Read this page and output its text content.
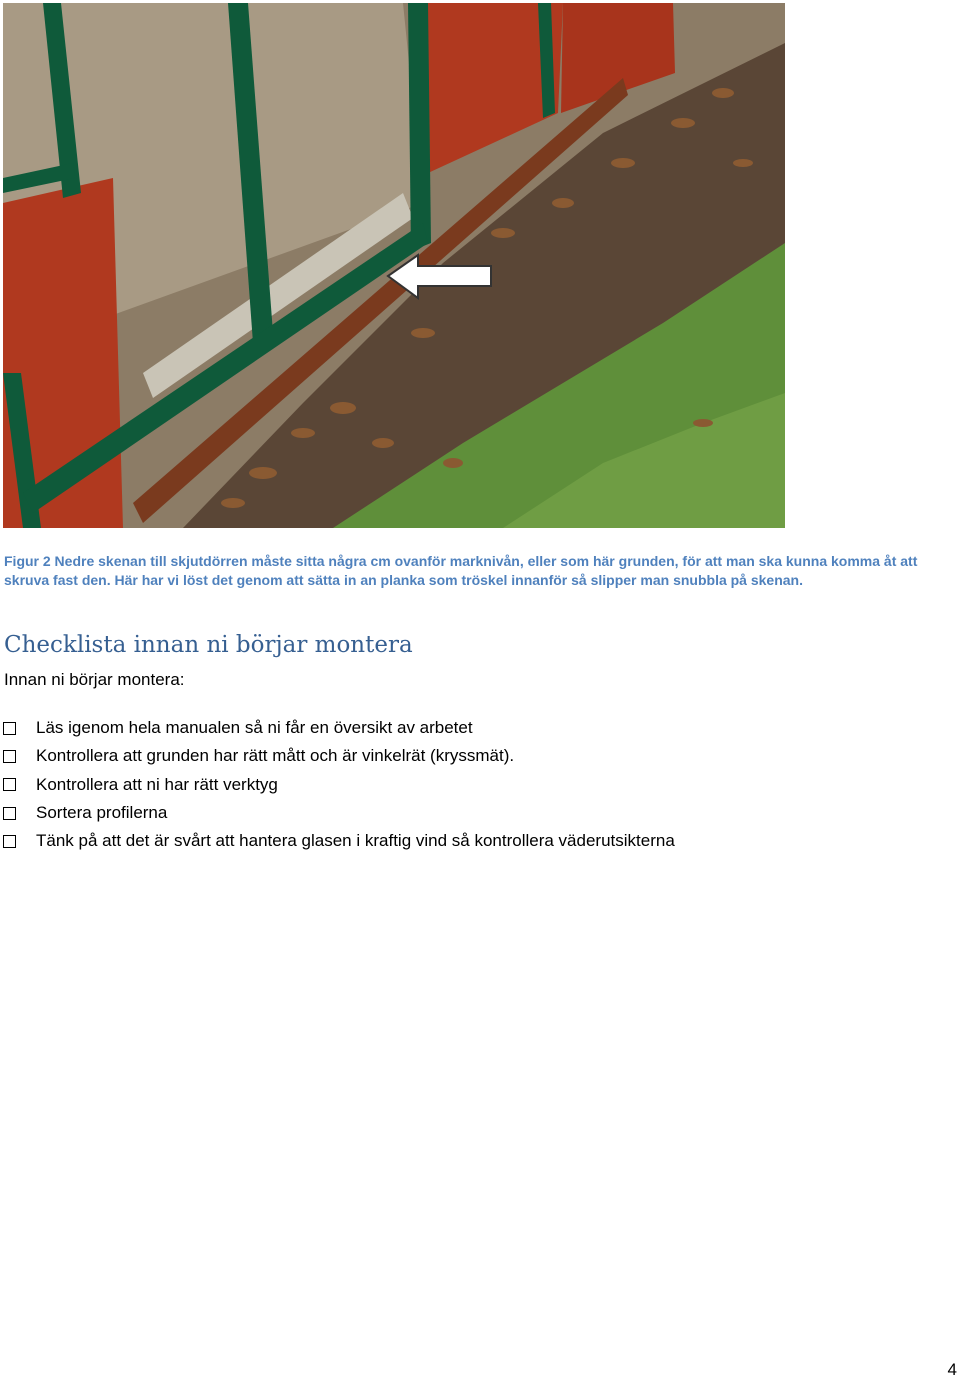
Figur 2 Nedre skenan till skjutdörren måste sitta några cm ovanför marknivån, eller som här grunden, för att man ska kunna komma åt att skruva fast den. Här har vi löst det genom att sätta in an planka som tröskel innanför så slipper man snubbla på skenan.
Checklista innan ni börjar montera
Innan ni börjar montera:
Läs igenom hela manualen så ni får en översikt av arbetet
Kontrollera att grunden har rätt mått och är vinkelrät (kryssmät).
Kontrollera att ni har rätt verktyg
Sortera profilerna
Tänk på att det är svårt att hantera glasen i kraftig vind så kontrollera väderutsikterna
4
